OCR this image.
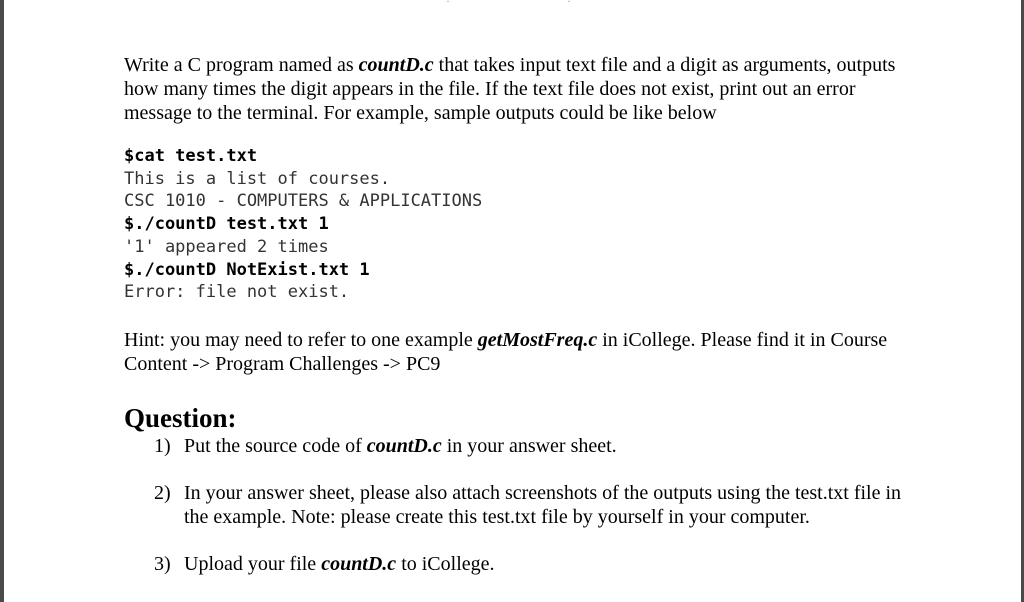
·                   ·

Write a C program named as countD.c that takes input text file and a digit as arguments, outputs how many times the digit appears in the file. If the text file does not exist, print out an error message to the terminal. For example, sample outputs could be like below

$cat test.txt
This is a list of courses.
CSC 1010 - COMPUTERS & APPLICATIONS
$./countD test.txt 1
'1' appeared 2 times
$./countD NotExist.txt 1
Error: file not exist.

Hint: you may need to refer to one example getMostFreq.c in iCollege. Please find it in Course Content -> Program Challenges -> PC9

Question:
1) Put the source code of countD.c in your answer sheet.
2) In your answer sheet, please also attach screenshots of the outputs using the test.txt file in the example. Note: please create this test.txt file by yourself in your computer.
3) Upload your file countD.c to iCollege.
